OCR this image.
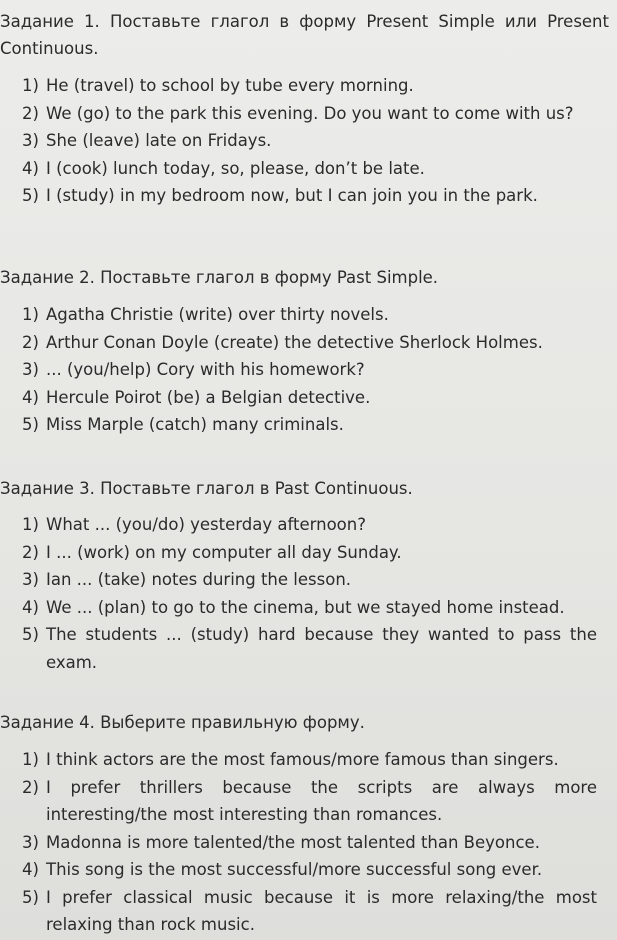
Задание 1. Поставьте глагол в форму Present Simple или Present Continuous.

1) He (travel) to school by tube every morning.
2) We (go) to the park this evening. Do you want to come with us?
3) She (leave) late on Fridays.
4) I (cook) lunch today, so, please, don’t be late.
5) I (study) in my bedroom now, but I can join you in the park.

Задание 2. Поставьте глагол в форму Past Simple.

1) Agatha Christie (write) over thirty novels.
2) Arthur Conan Doyle (create) the detective Sherlock Holmes.
3) ... (you/help) Cory with his homework?
4) Hercule Poirot (be) a Belgian detective.
5) Miss Marple (catch) many criminals.

Задание 3. Поставьте глагол в Past Continuous.

1) What ... (you/do) yesterday afternoon?
2) I ... (work) on my computer all day Sunday.
3) Ian ... (take) notes during the lesson.
4) We ... (plan) to go to the cinema, but we stayed home instead.
5) The students ... (study) hard because they wanted to pass the exam.

Задание 4. Выберите правильную форму.

1) I think actors are the most famous/more famous than singers.
2) I prefer thrillers because the scripts are always more interesting/the most interesting than romances.
3) Madonna is more talented/the most talented than Beyonce.
4) This song is the most successful/more successful song ever.
5) I prefer classical music because it is more relaxing/the most relaxing than rock music.
